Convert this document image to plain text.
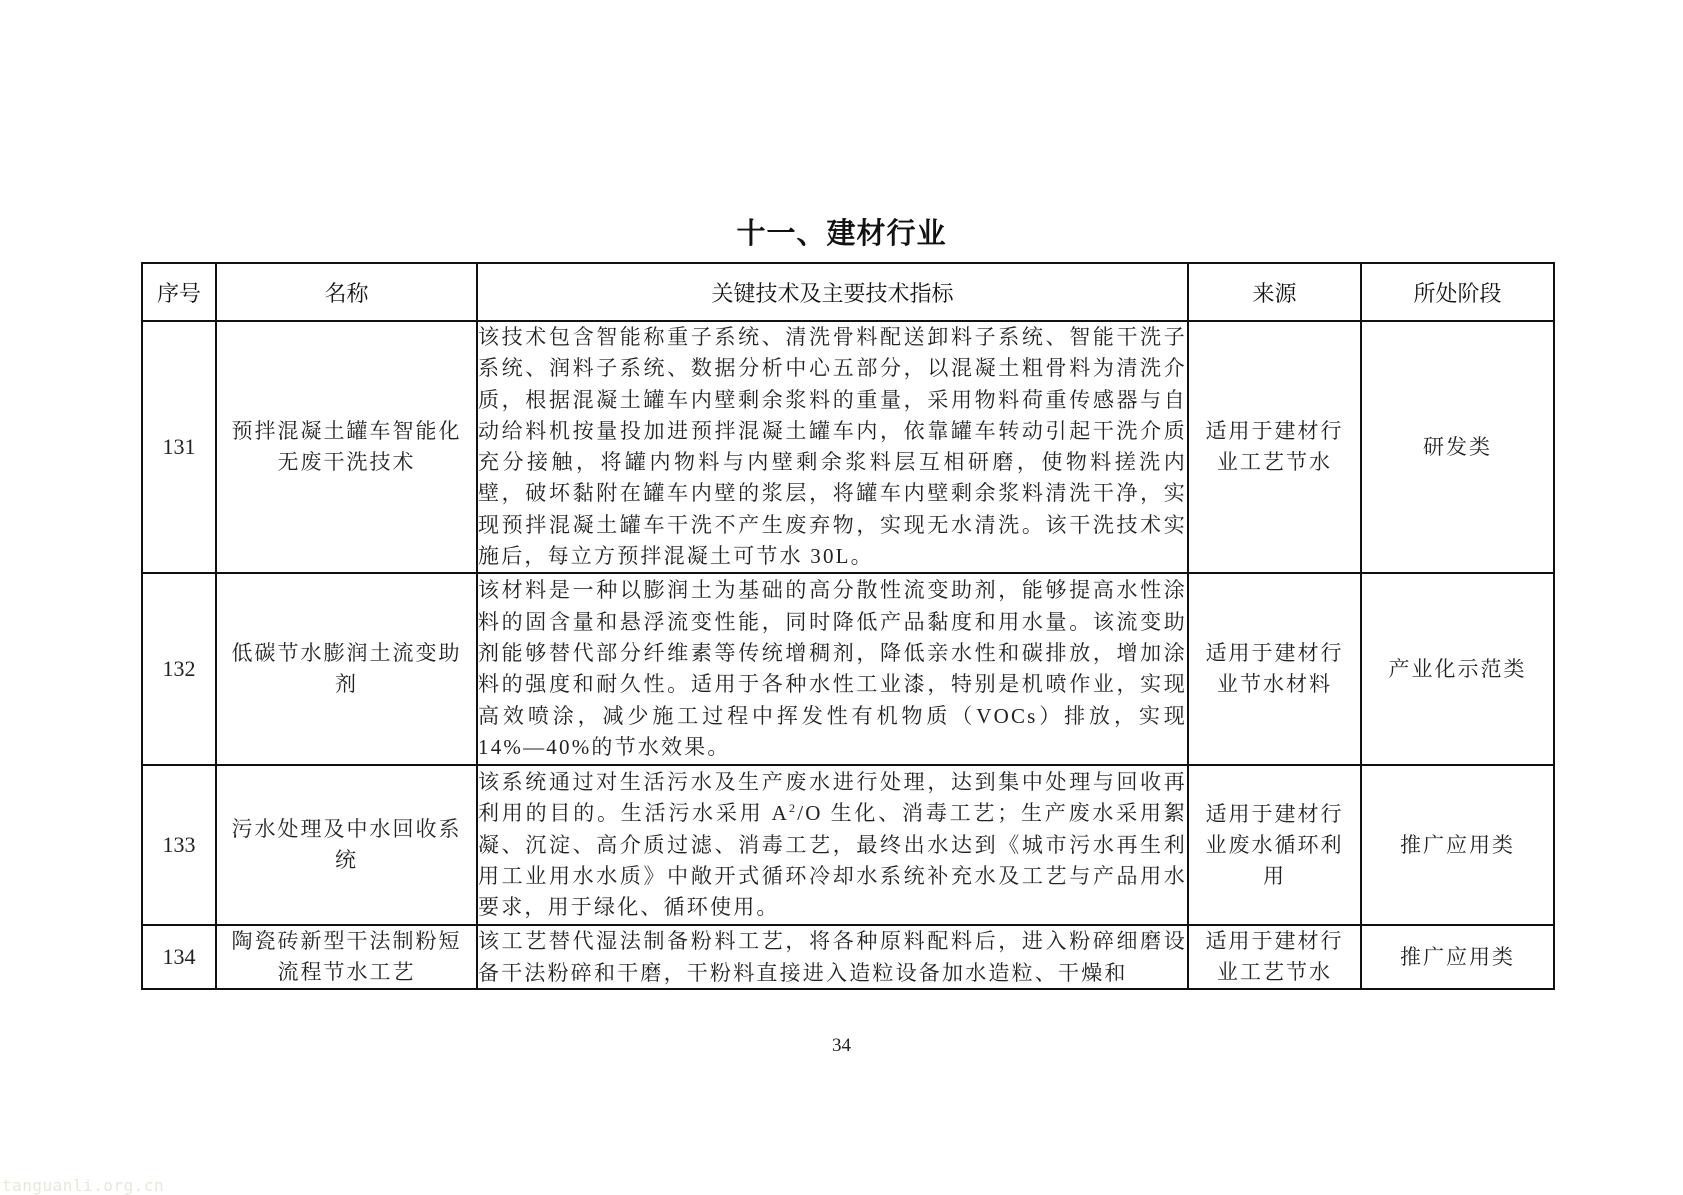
十一、建材行业
序号	名称	关键技术及主要技术指标	来源	所处阶段
131	预拌混凝土罐车智能化无废干洗技术	该技术包含智能称重子系统、清洗骨料配送卸料子系统、智能干洗子系统、润料子系统、数据分析中心五部分，以混凝土粗骨料为清洗介质，根据混凝土罐车内壁剩余浆料的重量，采用物料荷重传感器与自动给料机按量投加进预拌混凝土罐车内，依靠罐车转动引起干洗介质充分接触，将罐内物料与内壁剩余浆料层互相研磨，使物料搓洗内壁，破坏黏附在罐车内壁的浆层，将罐车内壁剩余浆料清洗干净，实现预拌混凝土罐车干洗不产生废弃物，实现无水清洗。该干洗技术实施后，每立方预拌混凝土可节水 30L。	适用于建材行业工艺节水	研发类
132	低碳节水膨润土流变助剂	该材料是一种以膨润土为基础的高分散性流变助剂，能够提高水性涂料的固含量和悬浮流变性能，同时降低产品黏度和用水量。该流变助剂能够替代部分纤维素等传统增稠剂，降低亲水性和碳排放，增加涂料的强度和耐久性。适用于各种水性工业漆，特别是机喷作业，实现高效喷涂，减少施工过程中挥发性有机物质（VOCs）排放，实现 14%—40%的节水效果。	适用于建材行业节水材料	产业化示范类
133	污水处理及中水回收系统	该系统通过对生活污水及生产废水进行处理，达到集中处理与回收再利用的目的。生活污水采用 $A^2/O$ 生化、消毒工艺；生产废水采用絮凝、沉淀、高介质过滤、消毒工艺，最终出水达到《城市污水再生利用工业用水水质》中敞开式循环冷却水系统补充水及工艺与产品用水要求，用于绿化、循环使用。	适用于建材行业废水循环利用	推广应用类
134	陶瓷砖新型干法制粉短流程节水工艺	该工艺替代湿法制备粉料工艺，将各种原料配料后，进入粉碎细磨设备干法粉碎和干磨，干粉料直接进入造粒设备加水造粒、干燥和	适用于建材行业工艺节水	推广应用类
34
tanguanli.org.cn
